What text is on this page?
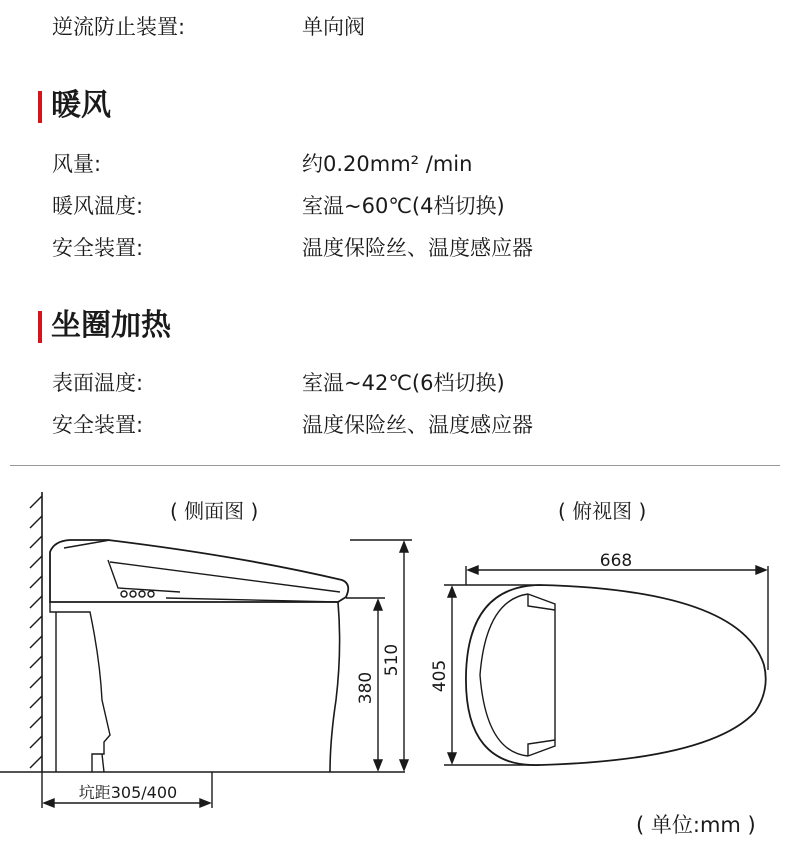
逆流防止装置:	单向阀
暖风
风量:	约0.20mm² /min
暖风温度:	室温~60℃(4档切换)
安全装置:	温度保险丝、温度感应器
坐圈加热
表面温度:	室温~42℃(6档切换)
安全装置:	温度保险丝、温度感应器
( 侧面图 )	( 俯视图 )
( 单位:mm )
510
380
668
405
坑距305/400
